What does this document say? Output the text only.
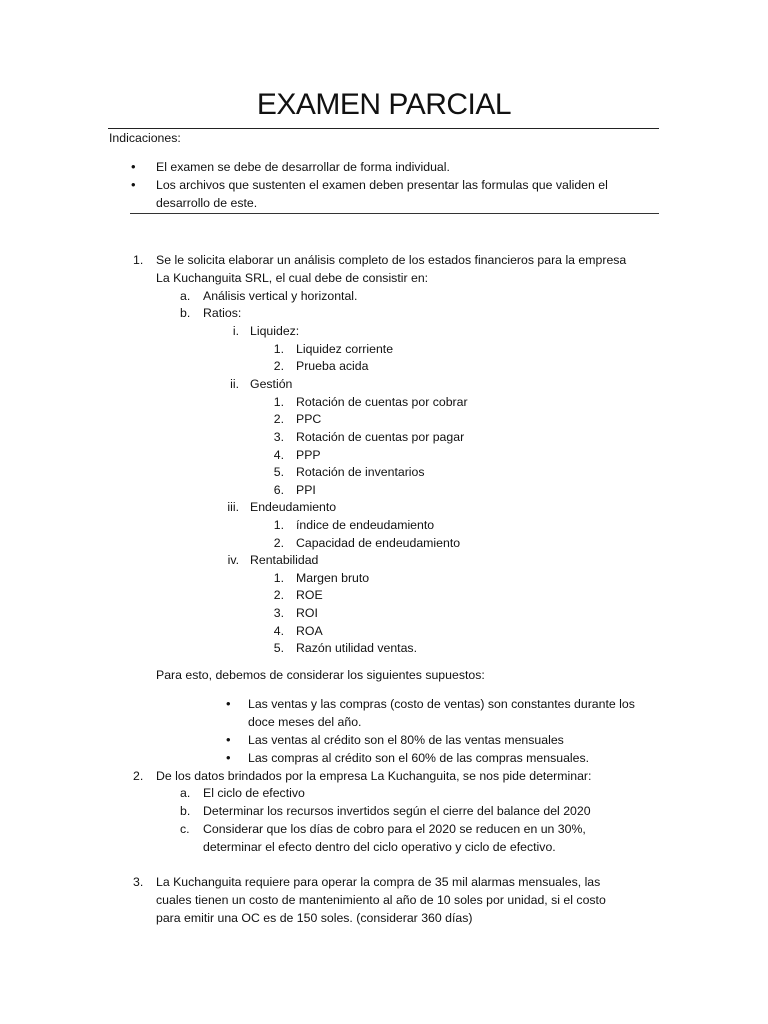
EXAMEN PARCIAL
Indicaciones:
• El examen se debe de desarrollar de forma individual.
• Los archivos que sustenten el examen deben presentar las formulas que validen el
desarrollo de este.
1. Se le solicita elaborar un análisis completo de los estados financieros para la empresa
La Kuchanguita SRL, el cual debe de consistir en:
a. Análisis vertical y horizontal.
b. Ratios:
i. Liquidez:
1. Liquidez corriente
2. Prueba acida
ii. Gestión
1. Rotación de cuentas por cobrar
2. PPC
3. Rotación de cuentas por pagar
4. PPP
5. Rotación de inventarios
6. PPI
iii. Endeudamiento
1. índice de endeudamiento
2. Capacidad de endeudamiento
iv. Rentabilidad
1. Margen bruto
2. ROE
3. ROI
4. ROA
5. Razón utilidad ventas.
Para esto, debemos de considerar los siguientes supuestos:
• Las ventas y las compras (costo de ventas) son constantes durante los
doce meses del año.
• Las ventas al crédito son el 80% de las ventas mensuales
• Las compras al crédito son el 60% de las compras mensuales.
2. De los datos brindados por la empresa La Kuchanguita, se nos pide determinar:
a. El ciclo de efectivo
b. Determinar los recursos invertidos según el cierre del balance del 2020
c. Considerar que los días de cobro para el 2020 se reducen en un 30%,
determinar el efecto dentro del ciclo operativo y ciclo de efectivo.
3. La Kuchanguita requiere para operar la compra de 35 mil alarmas mensuales, las
cuales tienen un costo de mantenimiento al año de 10 soles por unidad, si el costo
para emitir una OC es de 150 soles. (considerar 360 días)
